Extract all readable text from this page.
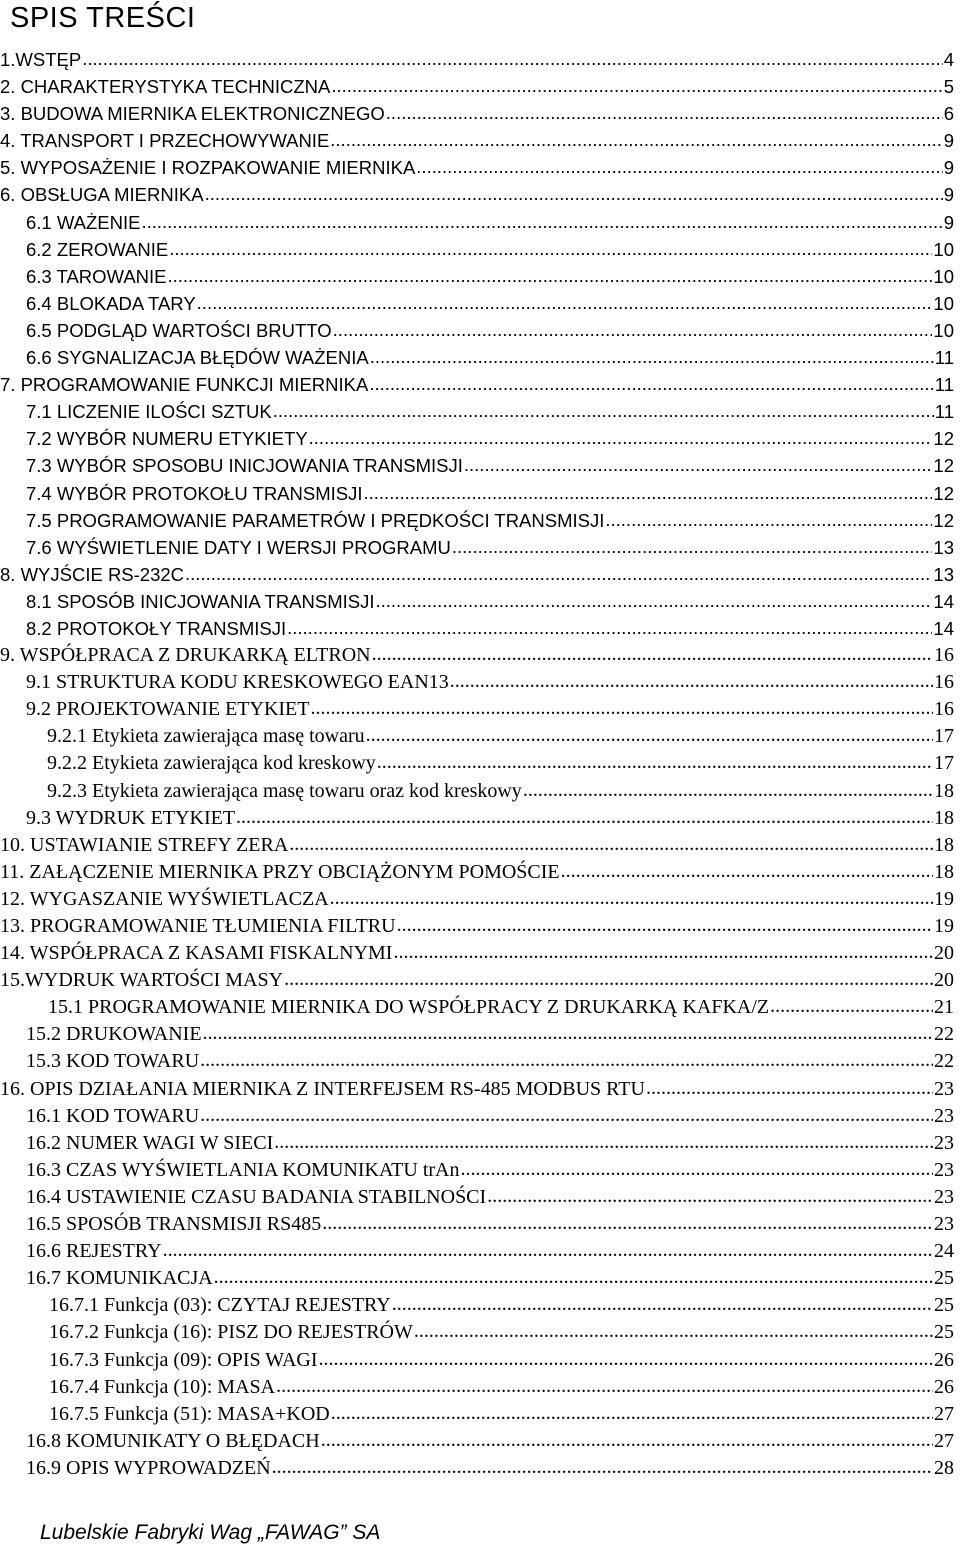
SPIS TREŚCI
1.WSTĘP .....	4
2. CHARAKTERYSTYKA TECHNICZNA .....	5
3. BUDOWA MIERNIKA ELEKTRONICZNEGO .....	6
4. TRANSPORT I PRZECHOWYWANIE .....	9
5. WYPOSAŻENIE I ROZPAKOWANIE MIERNIKA .....	9
6. OBSŁUGA MIERNIKA .....	9
6.1 WAŻENIE .....	9
6.2 ZEROWANIE .....	10
6.3 TAROWANIE .....	10
6.4 BLOKADA TARY .....	10
6.5 PODGLĄD WARTOŚCI BRUTTO .....	10
6.6 SYGNALIZACJA BŁĘDÓW WAŻENIA .....	11
7. PROGRAMOWANIE FUNKCJI MIERNIKA .....	11
7.1 LICZENIE ILOŚCI SZTUK .....	11
7.2 WYBÓR NUMERU ETYKIETY .....	12
7.3 WYBÓR SPOSOBU INICJOWANIA TRANSMISJI .....	12
7.4 WYBÓR PROTOKOŁU TRANSMISJI .....	12
7.5 PROGRAMOWANIE PARAMETRÓW I PRĘDKOŚCI TRANSMISJI .....	12
7.6 WYŚWIETLENIE DATY I WERSJI PROGRAMU .....	13
8. WYJŚCIE RS-232C .....	13
8.1 SPOSÓB INICJOWANIA TRANSMISJI .....	14
8.2 PROTOKOŁY TRANSMISJI .....	14
9. WSPÓŁPRACA Z DRUKARKĄ ELTRON .....	16
9.1 STRUKTURA KODU KRESKOWEGO EAN13 .....	16
9.2 PROJEKTOWANIE ETYKIET .....	16
9.2.1 Etykieta zawierająca masę towaru .....	17
9.2.2 Etykieta zawierająca kod kreskowy .....	17
9.2.3 Etykieta zawierająca masę towaru oraz kod kreskowy .....	18
9.3 WYDRUK ETYKIET .....	18
10. USTAWIANIE STREFY ZERA .....	18
11. ZAŁĄCZENIE MIERNIKA PRZY OBCIĄŻONYM POMOŚCIE .....	18
12. WYGASZANIE WYŚWIETLACZA .....	19
13. PROGRAMOWANIE TŁUMIENIA FILTRU .....	19
14. WSPÓŁPRACA Z KASAMI FISKALNYMI .....	20
15.WYDRUK WARTOŚCI MASY .....	20
15.1 PROGRAMOWANIE MIERNIKA DO WSPÓŁPRACY Z DRUKARKĄ KAFKA/Z .....	21
15.2 DRUKOWANIE .....	22
15.3 KOD TOWARU .....	22
16. OPIS DZIAŁANIA MIERNIKA Z INTERFEJSEM RS-485 MODBUS RTU .....	23
16.1 KOD TOWARU .....	23
16.2 NUMER WAGI W SIECI .....	23
16.3 CZAS WYŚWIETLANIA KOMUNIKATU trAn .....	23
16.4 USTAWIENIE CZASU BADANIA STABILNOŚCI .....	23
16.5 SPOSÓB TRANSMISJI RS485 .....	23
16.6 REJESTRY .....	24
16.7 KOMUNIKACJA .....	25
16.7.1 Funkcja (03): CZYTAJ REJESTRY .....	25
16.7.2 Funkcja (16): PISZ DO REJESTRÓW .....	25
16.7.3 Funkcja (09): OPIS WAGI .....	26
16.7.4 Funkcja (10): MASA .....	26
16.7.5 Funkcja (51): MASA+KOD .....	27
16.8 KOMUNIKATY O BŁĘDACH .....	27
16.9 OPIS WYPROWADZEŃ .....	28
Lubelskie Fabryki Wag „FAWAG” SA
